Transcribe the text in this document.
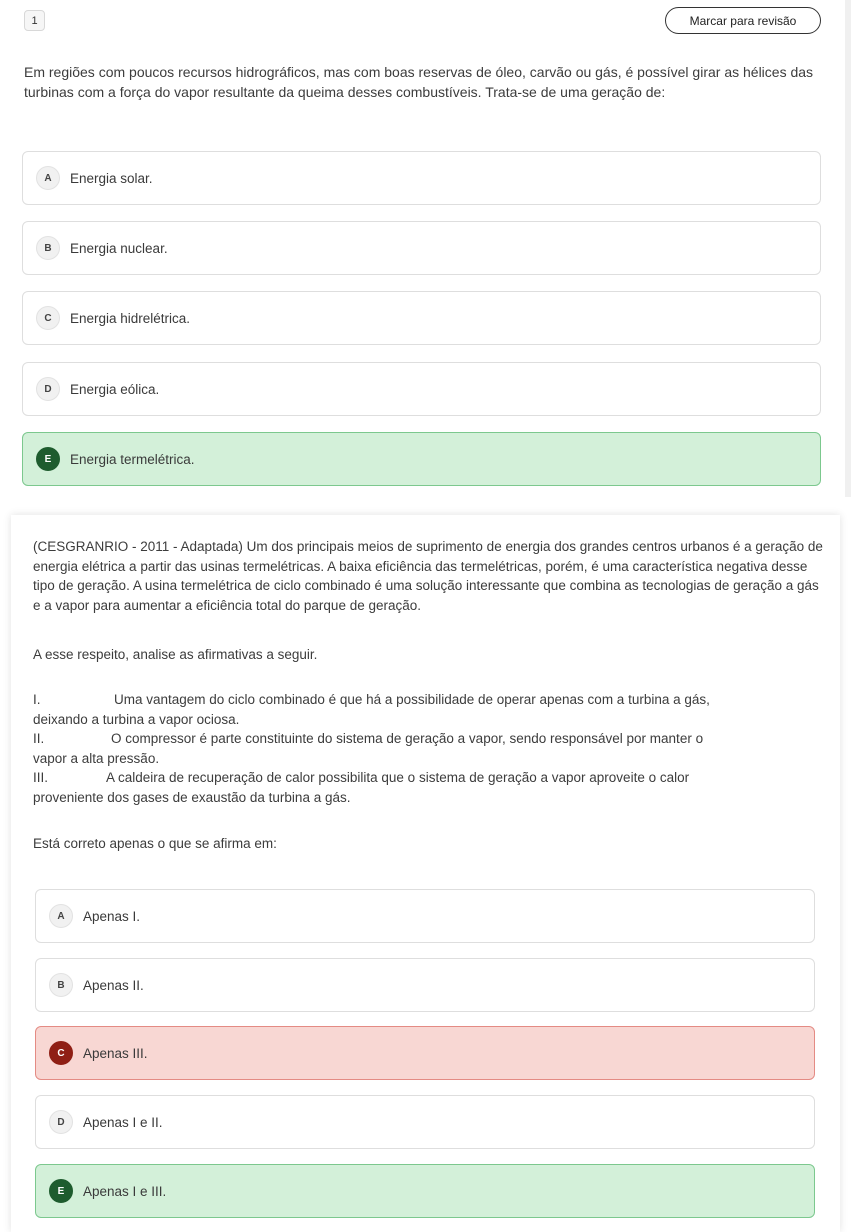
1	Marcar para revisão
Em regiões com poucos recursos hidrográficos, mas com boas reservas de óleo, carvão ou gás, é possível girar as hélices das turbinas com a força do vapor resultante da queima desses combustíveis. Trata-se de uma geração de:
A	Energia solar.
B	Energia nuclear.
C	Energia hidrelétrica.
D	Energia eólica.
E	Energia termelétrica.
(CESGRANRIO - 2011 - Adaptada) Um dos principais meios de suprimento de energia dos grandes centros urbanos é a geração de energia elétrica a partir das usinas termelétricas. A baixa eficiência das termelétricas, porém, é uma característica negativa desse tipo de geração. A usina termelétrica de ciclo combinado é uma solução interessante que combina as tecnologias de geração a gás e a vapor para aumentar a eficiência total do parque de geração.
A esse respeito, analise as afirmativas a seguir.
I.	Uma vantagem do ciclo combinado é que há a possibilidade de operar apenas com a turbina a gás,
deixando a turbina a vapor ociosa.
II.	O compressor é parte constituinte do sistema de geração a vapor, sendo responsável por manter o
vapor a alta pressão.
III.	A caldeira de recuperação de calor possibilita que o sistema de geração a vapor aproveite o calor
proveniente dos gases de exaustão da turbina a gás.
Está correto apenas o que se afirma em:
A	Apenas I.
B	Apenas II.
C	Apenas III.
D	Apenas I e II.
E	Apenas I e III.
